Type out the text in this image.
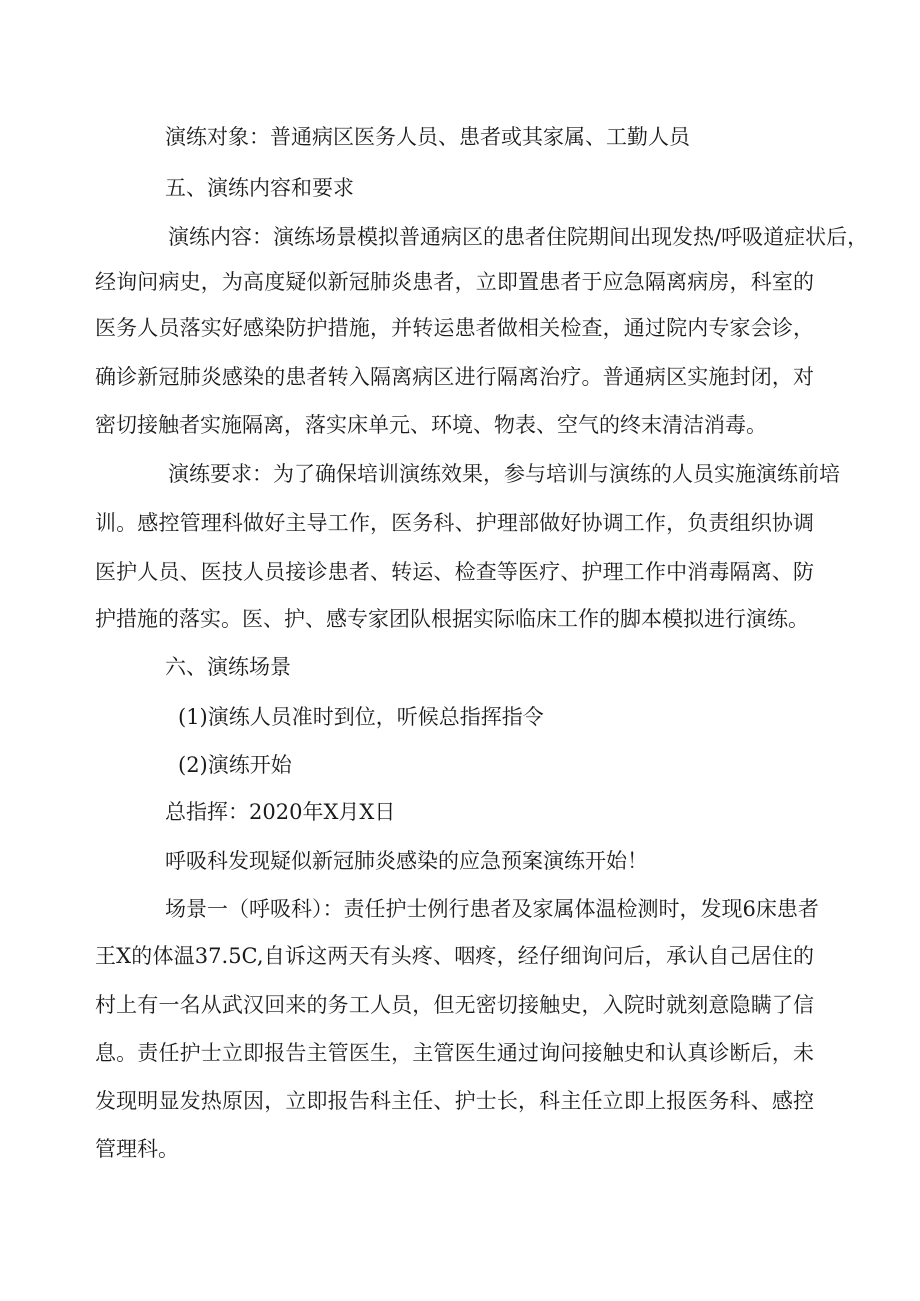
演练对象：普通病区医务人员、患者或其家属、工勤人员
五、演练内容和要求
演练内容：演练场景模拟普通病区的患者住院期间出现发热/呼吸道症状后，
经询问病史，为高度疑似新冠肺炎患者，立即置患者于应急隔离病房，科室的
医务人员落实好感染防护措施，并转运患者做相关检查，通过院内专家会诊，
确诊新冠肺炎感染的患者转入隔离病区进行隔离治疗。普通病区实施封闭，对
密切接触者实施隔离，落实床单元、环境、物表、空气的终末清洁消毒。
演练要求：为了确保培训演练效果，参与培训与演练的人员实施演练前培
训。感控管理科做好主导工作，医务科、护理部做好协调工作，负责组织协调
医护人员、医技人员接诊患者、转运、检查等医疗、护理工作中消毒隔离、防
护措施的落实。医、护、感专家团队根据实际临床工作的脚本模拟进行演练。
六、演练场景
(1)演练人员准时到位，听候总指挥指令
(2)演练开始
总指挥：2020年X月X日
呼吸科发现疑似新冠肺炎感染的应急预案演练开始！
场景一（呼吸科）：责任护士例行患者及家属体温检测时，发现6床患者
王X的体温37.5C,自诉这两天有头疼、咽疼，经仔细询问后，承认自己居住的
村上有一名从武汉回来的务工人员，但无密切接触史，入院时就刻意隐瞒了信
息。责任护士立即报告主管医生，主管医生通过询问接触史和认真诊断后，未
发现明显发热原因，立即报告科主任、护士长，科主任立即上报医务科、感控
管理科。
